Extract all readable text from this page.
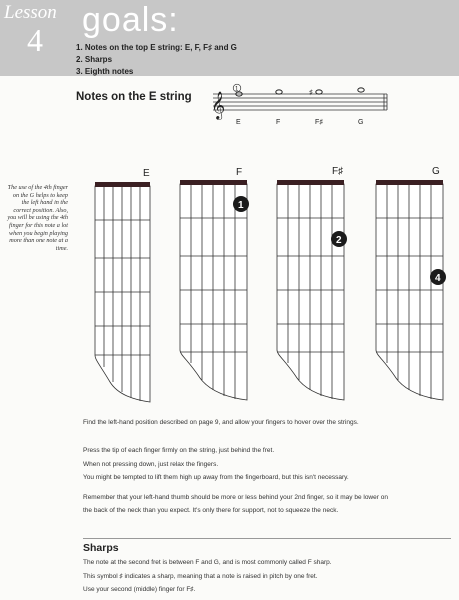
Lesson
4
goals:
1. Notes on the top E string: E, F, F♯ and G
2. Sharps
3. Eighth notes
Notes on the E string 𝄞
1	♯
E	F	F♯	G
The use of the 4th finger on the G helps to keep the left hand in the correct position. Also, you will be using the 4th finger for this note a lot when you begin playing more than one note at a time.
E	F	F♯	G
1
2
4
Find the left-hand position described on page 9, and allow your fingers to hover over the strings.
Press the tip of each finger firmly on the string, just behind the fret.
When not pressing down, just relax the fingers.
You might be tempted to lift them high up away from the fingerboard, but this isn't necessary.
Remember that your left-hand thumb should be more or less behind your 2nd finger, so it may be lower on
the back of the neck than you expect. It's only there for support, not to squeeze the neck.
Sharps
The note at the second fret is between F and G, and is most commonly called F sharp.
This symbol ♯ indicates a sharp, meaning that a note is raised in pitch by one fret.
Use your second (middle) finger for F♯.
